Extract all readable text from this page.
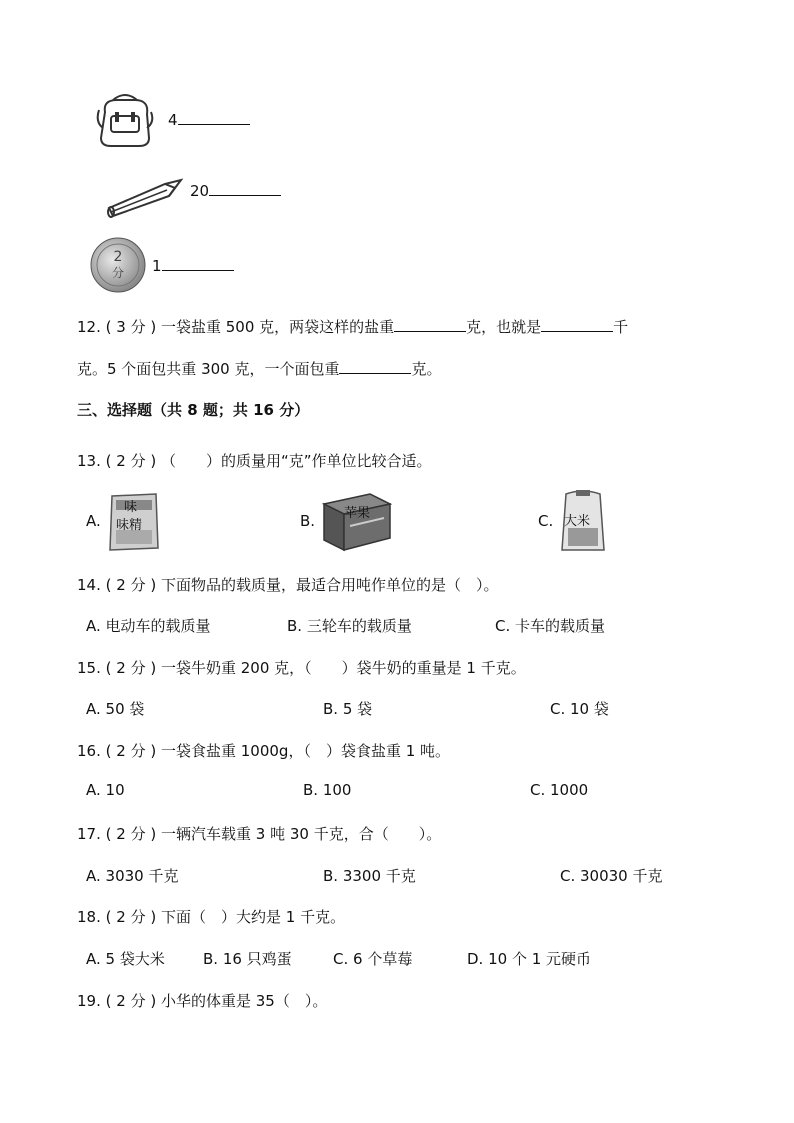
4
20
2
分 1
12. ( 3 分 ) 一袋盐重 500 克，两袋这样的盐重	克，也就是	千
克。5 个面包共重 300 克，一个面包重	克。
三、选择题（共 8 题；共 16 分）
13. ( 2 分 ) （　　）的质量用“克”作单位比较合适。
A.
味
味精	B. 苹果	C. 大米
14. ( 2 分 ) 下面物品的载质量，最适合用吨作单位的是（　）。
A. 电动车的载质量	B. 三轮车的载质量	C. 卡车的载质量
15. ( 2 分 ) 一袋牛奶重 200 克，（　　）袋牛奶的重量是 1 千克。
A. 50 袋	B. 5 袋	C. 10 袋
16. ( 2 分 ) 一袋食盐重 1000g，（　）袋食盐重 1 吨。
A. 10	B. 100	C. 1000
17. ( 2 分 ) 一辆汽车载重 3 吨 30 千克，合（　　）。
A. 3030 千克	B. 3300 千克	C. 30030 千克
18. ( 2 分 ) 下面（　）大约是 1 千克。
A. 5 袋大米	B. 16 只鸡蛋	C. 6 个草莓	D. 10 个 1 元硬币
19. ( 2 分 ) 小华的体重是 35（　）。
